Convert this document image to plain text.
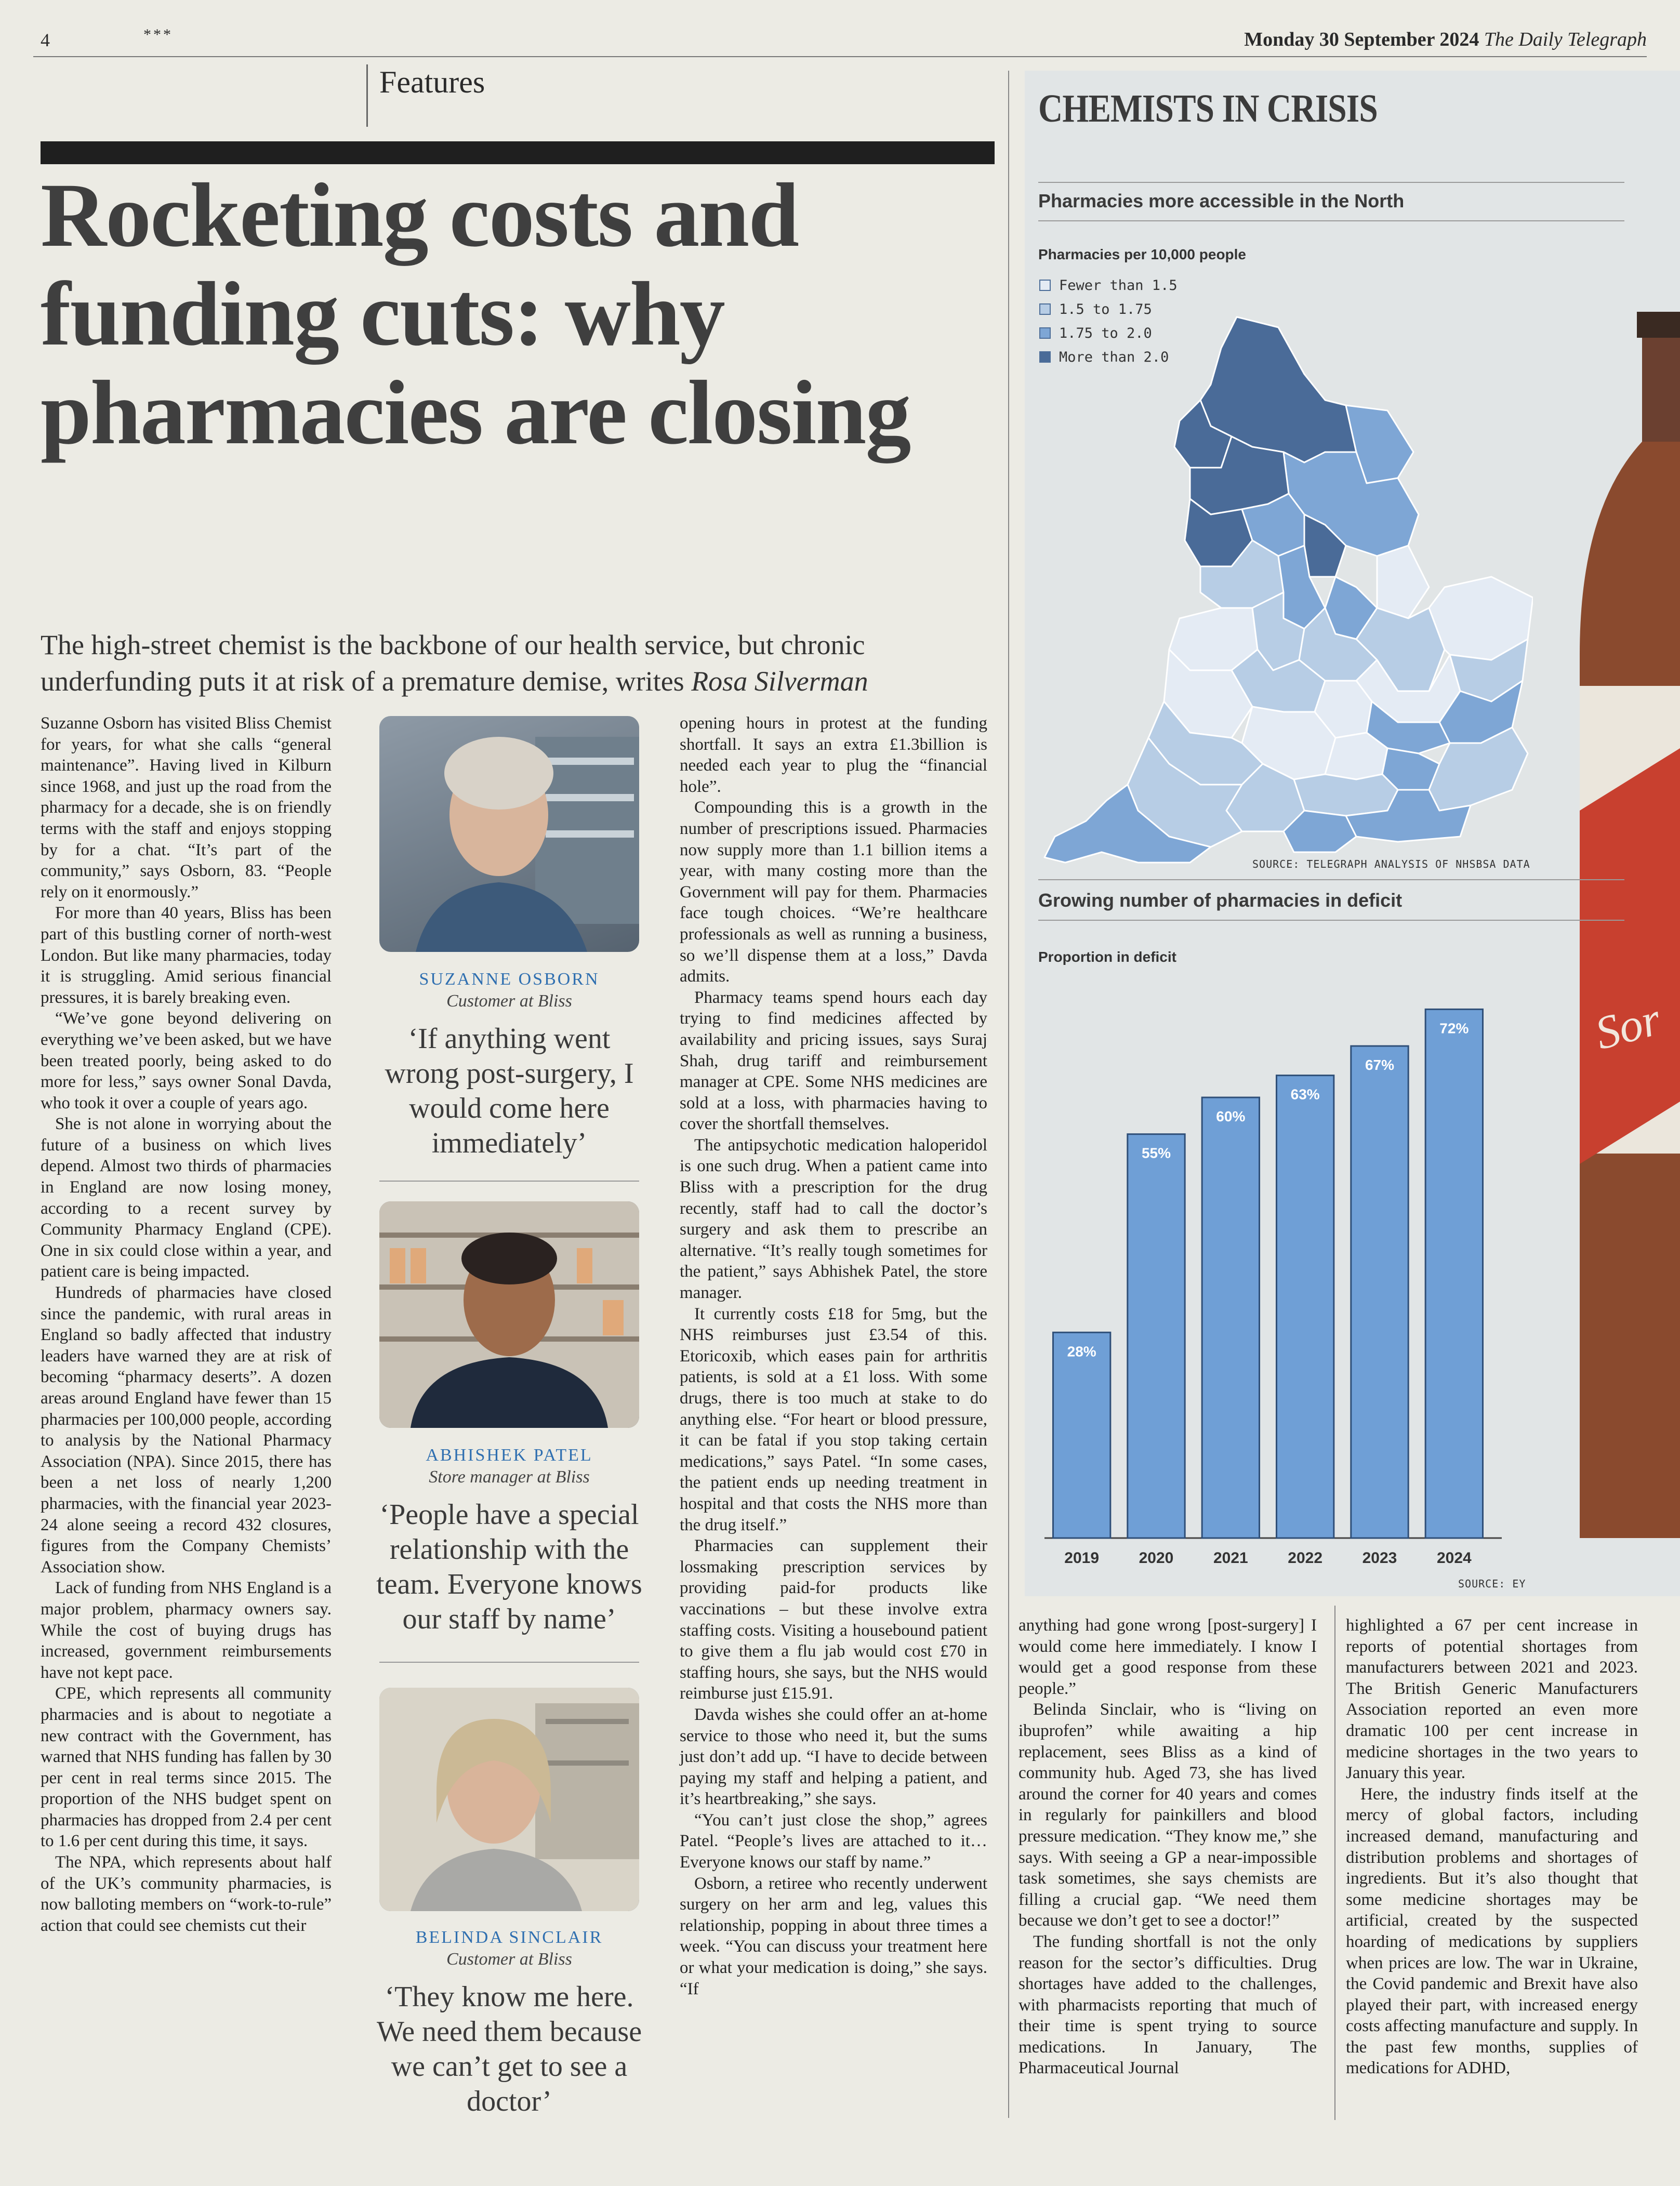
4	***	Monday 30 September 2024 The Daily Telegraph
Features
Rocketing costs and funding cuts: why pharmacies are closing
The high-street chemist is the backbone of our health service, but chronic underfunding puts it at risk of a premature demise, writes Rosa Silverman

Suzanne Osborn has visited Bliss Chemist for years, for what she calls “general maintenance”. Having lived in Kilburn since 1968, and just up the road from the pharmacy for a decade, she is on friendly terms with the staff and enjoys stopping by for a chat. “It’s part of the community,” says Osborn, 83. “People rely on it enormously.”

For more than 40 years, Bliss has been part of this bustling corner of north-west London. But like many pharmacies, today it is struggling. Amid serious financial pressures, it is barely breaking even.

“We’ve gone beyond delivering on everything we’ve been asked, but we have been treated poorly, being asked to do more for less,” says owner Sonal Davda, who took it over a couple of years ago.

She is not alone in worrying about the future of a business on which lives depend. Almost two thirds of pharmacies in England are now losing money, according to a recent survey by Community Pharmacy England (CPE). One in six could close within a year, and patient care is being impacted.

Hundreds of pharmacies have closed since the pandemic, with rural areas in England so badly affected that industry leaders have warned they are at risk of becoming “pharmacy deserts”. A dozen areas around England have fewer than 15 pharmacies per 100,000 people, according to analysis by the National Pharmacy Association (NPA). Since 2015, there has been a net loss of nearly 1,200 pharmacies, with the financial year 2023-24 alone seeing a record 432 closures, figures from the Company Chemists’ Association show.

Lack of funding from NHS England is a major problem, pharmacy owners say. While the cost of buying drugs has increased, government reimbursements have not kept pace.

CPE, which represents all community pharmacies and is about to negotiate a new contract with the Government, has warned that NHS funding has fallen by 30 per cent in real terms since 2015. The proportion of the NHS budget spent on pharmacies has dropped from 2.4 per cent to 1.6 per cent during this time, it says.

The NPA, which represents about half of the UK’s community pharmacies, is now balloting members on “work-to-rule” action that could see chemists cut their

opening hours in protest at the funding shortfall. It says an extra £1.3billion is needed each year to plug the “financial hole”.

Compounding this is a growth in the number of prescriptions issued. Pharmacies now supply more than 1.1 billion items a year, with many costing more than the Government will pay for them. Pharmacies face tough choices. “We’re healthcare professionals as well as running a business, so we’ll dispense them at a loss,” Davda admits.

Pharmacy teams spend hours each day trying to find medicines affected by availability and pricing issues, says Suraj Shah, drug tariff and reimbursement manager at CPE. Some NHS medicines are sold at a loss, with pharmacies having to cover the shortfall themselves.

The antipsychotic medication haloperidol is one such drug. When a patient came into Bliss with a prescription for the drug recently, staff had to call the doctor’s surgery and ask them to prescribe an alternative. “It’s really tough sometimes for the patient,” says Abhishek Patel, the store manager.

It currently costs £18 for 5mg, but the NHS reimburses just £3.54 of this. Etoricoxib, which eases pain for arthritis patients, is sold at a £1 loss. With some drugs, there is too much at stake to do anything else. “For heart or blood pressure, it can be fatal if you stop taking certain medications,” says Patel. “In some cases, the patient ends up needing treatment in hospital and that costs the NHS more than the drug itself.”

Pharmacies can supplement their lossmaking prescription services by providing paid-for products like vaccinations – but these involve extra staffing costs. Visiting a housebound patient to give them a flu jab would cost £70 in staffing hours, she says, but the NHS would reimburse just £15.91.

Davda wishes she could offer an at-home service to those who need it, but the sums just don’t add up. “I have to decide between paying my staff and helping a patient, and it’s heartbreaking,” she says.

“You can’t just close the shop,” agrees Patel. “People’s lives are attached to it… Everyone knows our staff by name.”

Osborn, a retiree who recently underwent surgery on her arm and leg, values this relationship, popping in about three times a week. “You can discuss your treatment here or what your medication is doing,” she says. “If

anything had gone wrong [post-surgery] I would come here immediately. I know I would get a good response from these people.”

Belinda Sinclair, who is “living on ibuprofen” while awaiting a hip replacement, sees Bliss as a kind of community hub. Aged 73, she has lived around the corner for 40 years and comes in regularly for painkillers and blood pressure medication. “They know me,” she says. With seeing a GP a near-impossible task sometimes, she says chemists are filling a crucial gap. “We need them because we don’t get to see a doctor!”

The funding shortfall is not the only reason for the sector’s difficulties. Drug shortages have added to the challenges, with pharmacists reporting that much of their time is spent trying to source medications. In January, The Pharmaceutical Journal

highlighted a 67 per cent increase in reports of potential shortages from manufacturers between 2021 and 2023. The British Generic Manufacturers Association reported an even more dramatic 100 per cent increase in medicine shortages in the two years to January this year.

Here, the industry finds itself at the mercy of global factors, including increased demand, manufacturing and distribution problems and shortages of ingredients. But it’s also thought that some medicine shortages may be artificial, created by the suspected hoarding of medications by suppliers when prices are low. The war in Ukraine, the Covid pandemic and Brexit have also played their part, with increased energy costs affecting manufacture and supply. In the past few months, supplies of medications for ADHD,

SUZANNE OSBORN
Customer at Bliss
‘If anything went wrong post-surgery, I would come here immediately’
ABHISHEK PATEL
Store manager at Bliss
‘People have a special relationship with the team. Everyone knows our staff by name’
BELINDA SINCLAIR
Customer at Bliss
‘They know me here. We need them because we can’t get to see a doctor’
Sor
CHEMISTS IN CRISIS
Pharmacies more accessible in the North
Pharmacies per 10,000 people
Fewer than 1.5
1.5 to 1.75
1.75 to 2.0
More than 2.0
SOURCE: TELEGRAPH ANALYSIS OF NHSBSA DATA
Growing number of pharmacies in deficit
Proportion in deficit
28%
2019
55%
2020
60%
2021
63%
2022
67%
2023
72%
2024
SOURCE: EY
